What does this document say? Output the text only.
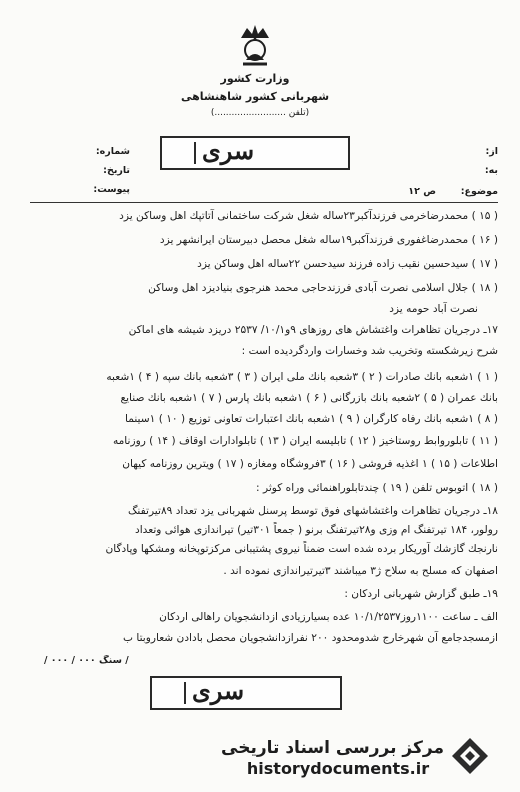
وزارت كشور
شهربانی كشور شاهنشاهی
(تلفن .........................)
سری
شماره:
تاریخ:
پیوست:
از:
به:
موضوع:
ص ۱۲
( ۱۵ ) محمدرضاخرمی فرزندآكبر۲۳ساله شغل شركت ساختمانی آتاتپك اهل وساكن یزد
( ۱۶ ) محمدرضاغفوری فرزندآكبر۱۹ساله شغل محصل دبیرستان ایرانشهر یزد
( ۱۷ ) سیدحسین نقیب زاده فرزند سیدحسن ۲۲ساله اهل وساكن یزد
( ۱۸ ) جلال اسلامی نصرت آبادی فرزندحاجی محمد هنرجوی بنیادیزد اهل وساكن
نصرت آباد حومه یزد
۱۷ـ درجریان تظاهرات واغتشاش های روزهای ۹و۱۰/۱/ ۲۵۳۷ دریزد شیشه های اماكن
شرح زیرشكسته وتخریب شد وخسارات واردگردیده است :
( ۱ ) ۱شعبه بانك صادرات ( ۲ ) ۳شعبه بانك ملی ایران ( ۳ ) ۳شعبه بانك سپه ( ۴ ) ۱شعبه
بانك عمران ( ۵ ) ۲شعبه بانك بازرگانی ( ۶ ) ۱شعبه بانك پارس ( ۷ ) ۱شعبه بانك صنایع
( ۸ ) ۱شعبه بانك رفاه كارگران ( ۹ ) ۱شعبه بانك اعتبارات تعاونی توزیع ( ۱۰ ) ۱سینما
( ۱۱ ) تابلوروابط روستاخیز ( ۱۲ ) تابلیسه ایران ( ۱۳ ) تابلوادارات اوقاف ( ۱۴ ) روزنامه
اطلاعات ( ۱۵ ) ۱ اغذیه فروشی ( ۱۶ ) ۳فروشگاه ومغازه ( ۱۷ ) ویترین روزنامه كیهان
( ۱۸ ) اتوبوس تلفن ( ۱۹ ) چندتابلوراهنمائی وراه كوثر :
۱۸ـ درجریان تظاهرات واغتشاشهای فوق توسط پرسنل شهربانی یزد تعداد ۸۹تیرتفنگ
رولور، ۱۸۴ تیرتفنگ ام وزی و۲۸تیرتفنگ برنو ( جمعاً ۳۰۱تیر) تیراندازی هوائی وتعداد
نارنجك گازشك آوریكار برده شده است ضمناً نیروی پشتیبانی مركزتوپخانه ومشكها وپادگان
اصفهان كه مسلح به سلاح ژ۳ میباشند ۳تیرتیراندازی نموده اند .
۱۹ـ طبق گزارش شهربانی اردكان :
الف ـ ساعت ۱۱۰۰روز۱۰/۱/۲۵۳۷ عده بسیارزیادی ازدانشجویان راهالی اردكان
ازمسجدجامع آن شهرخارج شدومحدود ۲۰۰ نفرازدانشجویان محصل بادادن شعاروبتا ب
/ سنگ ۰۰۰ / ۰۰۰ /
سری
مرکز بررسی اسناد تاریخی
historydocuments.ir
